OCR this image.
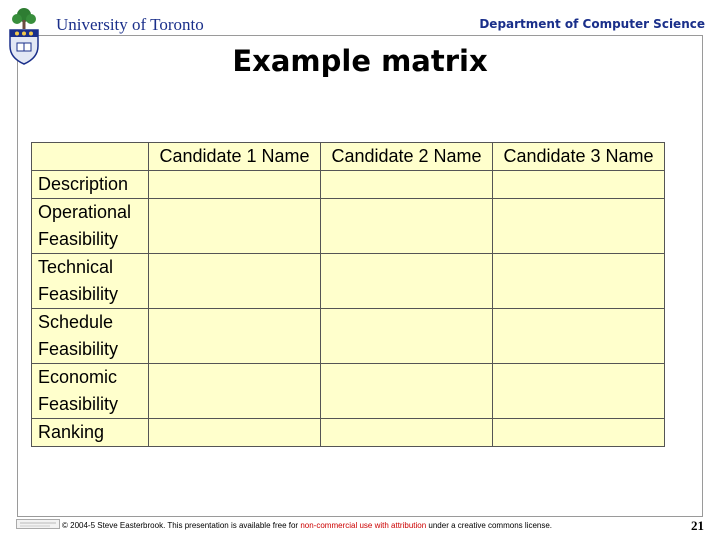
University of Toronto	Department of Computer Science
Example matrix
	Candidate 1 Name	Candidate 2 Name	Candidate 3 Name
Description			
Operational Feasibility			
Technical Feasibility			
Schedule Feasibility			
Economic Feasibility			
Ranking			
© 2004-5 Steve Easterbrook. This presentation is available free for non-commercial use with attribution under a creative commons license.	21
